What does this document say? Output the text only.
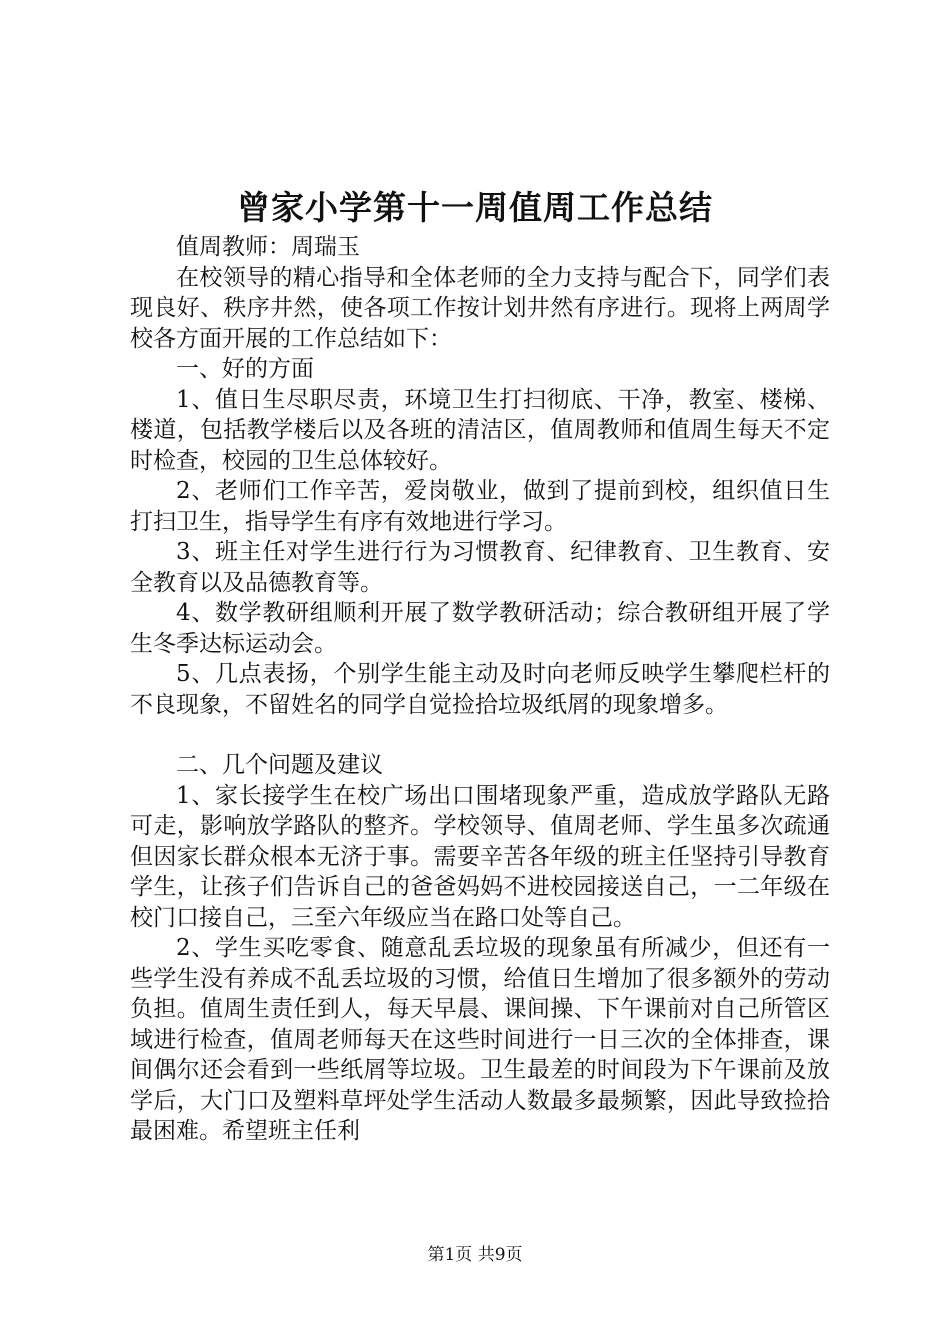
曾家小学第十一周值周工作总结

值周教师：周瑞玉

在校领导的精心指导和全体老师的全力支持与配合下，同学们表现良好、秩序井然，使各项工作按计划井然有序进行。现将上两周学校各方面开展的工作总结如下：

一、好的方面

1、值日生尽职尽责，环境卫生打扫彻底、干净，教室、楼梯、楼道，包括教学楼后以及各班的清洁区，值周教师和值周生每天不定时检查，校园的卫生总体较好。

2、老师们工作辛苦，爱岗敬业，做到了提前到校，组织值日生打扫卫生，指导学生有序有效地进行学习。

3、班主任对学生进行行为习惯教育、纪律教育、卫生教育、安全教育以及品德教育等。

4、数学教研组顺利开展了数学教研活动；综合教研组开展了学生冬季达标运动会。

5、几点表扬，个别学生能主动及时向老师反映学生攀爬栏杆的不良现象，不留姓名的同学自觉捡拾垃圾纸屑的现象增多。

二、几个问题及建议

1、家长接学生在校广场出口围堵现象严重，造成放学路队无路可走，影响放学路队的整齐。学校领导、值周老师、学生虽多次疏通但因家长群众根本无济于事。需要辛苦各年级的班主任坚持引导教育学生，让孩子们告诉自己的爸爸妈妈不进校园接送自己，一二年级在校门口接自己，三至六年级应当在路口处等自己。

2、学生买吃零食、随意乱丢垃圾的现象虽有所减少，但还有一些学生没有养成不乱丢垃圾的习惯，给值日生增加了很多额外的劳动负担。值周生责任到人，每天早晨、课间操、下午课前对自己所管区域进行检查，值周老师每天在这些时间进行一日三次的全体排查，课间偶尔还会看到一些纸屑等垃圾。卫生最差的时间段为下午课前及放学后，大门口及塑料草坪处学生活动人数最多最频繁，因此导致捡拾最困难。希望班主任利

第1页 共9页
